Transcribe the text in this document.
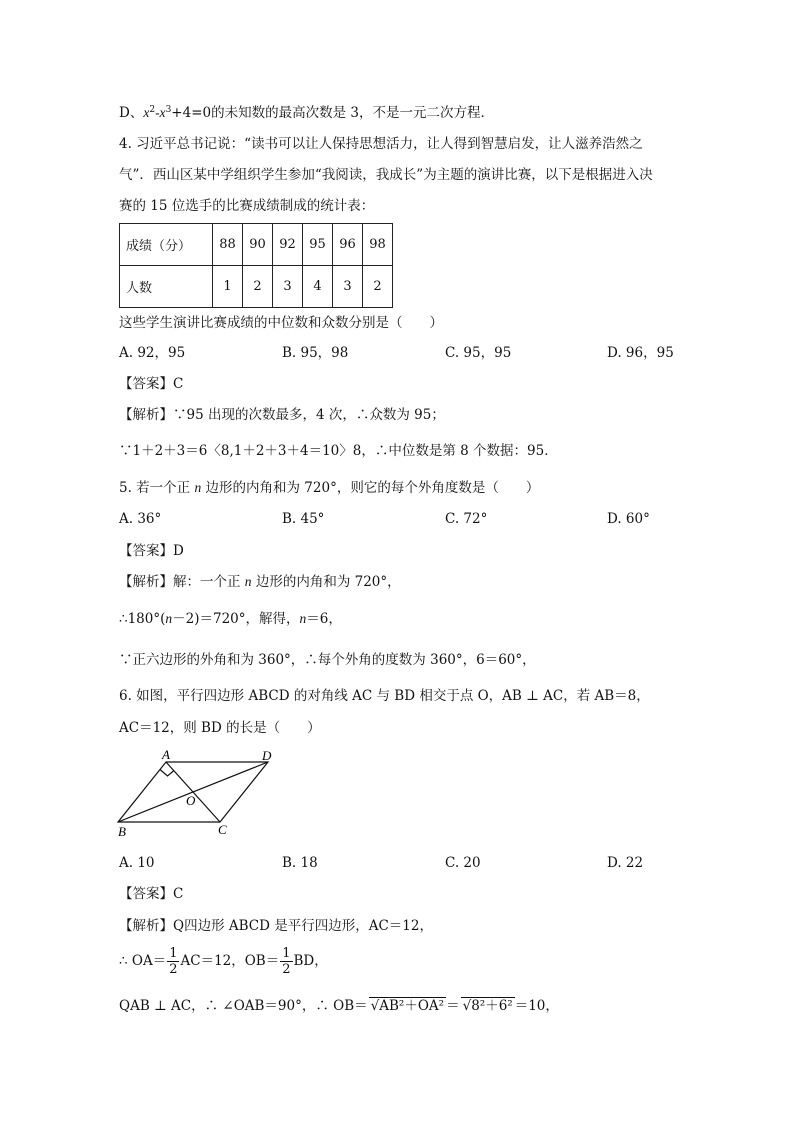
D、$x^2-x^3+4=0$的未知数的最高次数是 3，不是一元二次方程．
4. 习近平总书记说：“读书可以让人保持思想活力，让人得到智慧启发，让人滋养浩然之
气”．西山区某中学组织学生参加“我阅读，我成长”为主题的演讲比赛，以下是根据进入决
赛的 15 位选手的比赛成绩制成的统计表：
成绩（分）	88	90	92	95	96	98
人数	1	2	3	4	3	2
这些学生演讲比赛成绩的中位数和众数分别是（　　）
A. 92，95	B. 95，98	C. 95，95	D. 96，95
【答案】C
【解析】∵95 出现的次数最多，4 次，∴众数为 95；
∵1＋2＋3＝6〈8,1＋2＋3＋4＝10〉8，∴中位数是第 8 个数据：95．
5. 若一个正 n 边形的内角和为 720°，则它的每个外角度数是（　　）
A. 36°	B. 45°	C. 72°	D. 60°
【答案】D
【解析】解：一个正 n 边形的内角和为 720°，
∴180°(n－2)＝720°，解得，n＝6，
∵正六边形的外角和为 360°，∴每个外角的度数为 360°，6＝60°，
6. 如图，平行四边形 ABCD 的对角线 AC 与 BD 相交于点 O，AB ⊥ AC，若 AB＝8，
AC＝12，则 BD 的长是（　　）
A	D
O
B	C
A. 10	B. 18	C. 20	D. 22
【答案】C
【解析】Q四边形 ABCD 是平行四边形，AC＝12，
∴ $OA= \frac{1}{2} AC=12$，$OB= \frac{1}{2}$ BD，
QAB ⊥ AC，∴ ∠OAB＝90°，∴ OB＝ √AB²＋OA² ＝ √8²＋6² ＝10，
